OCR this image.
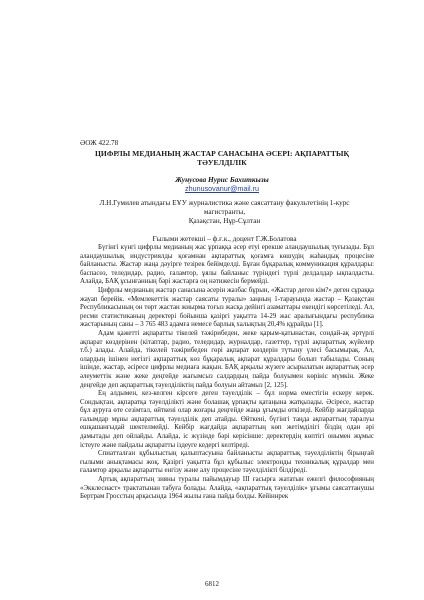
ӘОЖ 422.78
ЦИФРЛЫ МЕДИАНЫҢ ЖАСТАР САНАСЫНА ӘСЕРІ: АҚПАРАТТЫҚ
ТӘУЕЛДІЛІК
Жунусова Нурис Бахиткызы
zhunusovanur@mail.ru
Л.Н.Гумилев атындағы ЕҰУ журналистика және саясаттану факультетінің 1-курс
магистранты,
Қазақстан, Нұр-Сұлтан
Ғылыми жетекші – ф.ғ.к., доцент Г.Ж.Болатова

Бүгінгі күнгі цифрлы медианың жас ұрпаққа әсер етуі ерекше аландаушылық туғызады. Бұл аландаушылық индустриялды қоғамнан ақпараттық қоғамға көшудің жаһандық процесіне байланысты. Жастар жаңа дәуірге тезірек бейімделді. Бұған бұқаралық коммуникация құралдары: баспасөз, теледидар, радио, ғаламтор, ұялы байланыс түріндегі түрлі делдалдар ықпалдасты. Алайда, БАҚ ұсынғанның бәрі жастарға оң нәтижесін бермейді.

Цифрлы медианың жастар санасына әсерін жазбас бұрын, «Жастар деген кім?» деген сұраққа жауап берейік. «Мемлекеттік жастар саясаты туралы» заңның 1-тарауында жастар – Қазақстан Республикасының он төрт жастан жиырма тоғыз жасқа дейінгі азаматтары екендігі көрсетіледі. Ал, ресми статистиканың деректері бойынша қазіргі уақытта 14-29 жас аралығындағы республика жастарының саны – 3 765 483 адамға немесе барлық халықтың 20,4% құрайды [1].

Адам қажетті ақпаратты тікелей тәжірибеден, жеке қарым-қатынастан, сондай-ақ әртүрлі ақпарат көздерінен (кітаптар, радио, теледидар, журналдар, газеттер, түрлі ақпараттық жүйелер т.б.) алады. Алайда, тікелей тәжірибеден гөрі ақпарат көздерін түтыну үлесі басымырақ. Ал, олардың ішінен негізгі ақпараттық көз бұқаралық ақпарат құралдары болып табылады. Соның ішінде, жастар, әсіресе цифрлы медиаға жақын. БАҚ арқылы жүзеге асырылатын ақпараттық әсер әлеуметтік және жеке деңгейде жағымсыз салдардың пайда болуымен көрініс мүмкін. Жеке деңгейде деп ақпараттық тәуелділіктің пайда болуын айтамыз [2, 125].

Ең алдымен, кез-келген кірсеге деген тәуелділік – бұл норма еместігін ескеру керек. Сондықтан, ақпаратқа тәуелділікті және болашақ ұрпақты қатаңына жатқызады. Әсіресе, жастар бұл ауруға өте сезімтал, өйткені олар жоғары деңгейде жаңа ұғымды өткізеді. Кейбір жағдайларда ғалымдар мұны ақпараттық тәуелділік деп атайды. Өйткені, бүгінгі таңда ақпараттың таралуы ешқашанғыдай шектелмейді. Кейбір жағдайда ақпараттың көп жетімділігі біздің одан әрі дамытады деп ойлайды. Алайда, іс жүзінде бәрі керісінше: деректердің көптігі онымен жұмыс істеуге және пайдалы ақпаратты іздеуге кедергі келтіреді.

Спиатталған құбылыстың қалыптасуына байланысты ақпараттық тәуелділіктің бірыңғай ғылыми анықтамасы жоқ. Қазіргі уақытта бұл құбылыс электронды техникалық құралдар мен ғаламтор арқылы ақпаратты енгізу және алу процесіне тәуелділікті білдіреді.

Артық ақпараттың зияны туралы пайымдауыр III ғасырға жататын ежелгі философияның «Экклесиаст» трактатынан табуға болады. Алайда, «ақпараттық тәуелділік» ұғымы саясаттанушы Бертрам Гросстың арқасында 1964 жылы ғана пайда болды. Кейіннрек

6812
